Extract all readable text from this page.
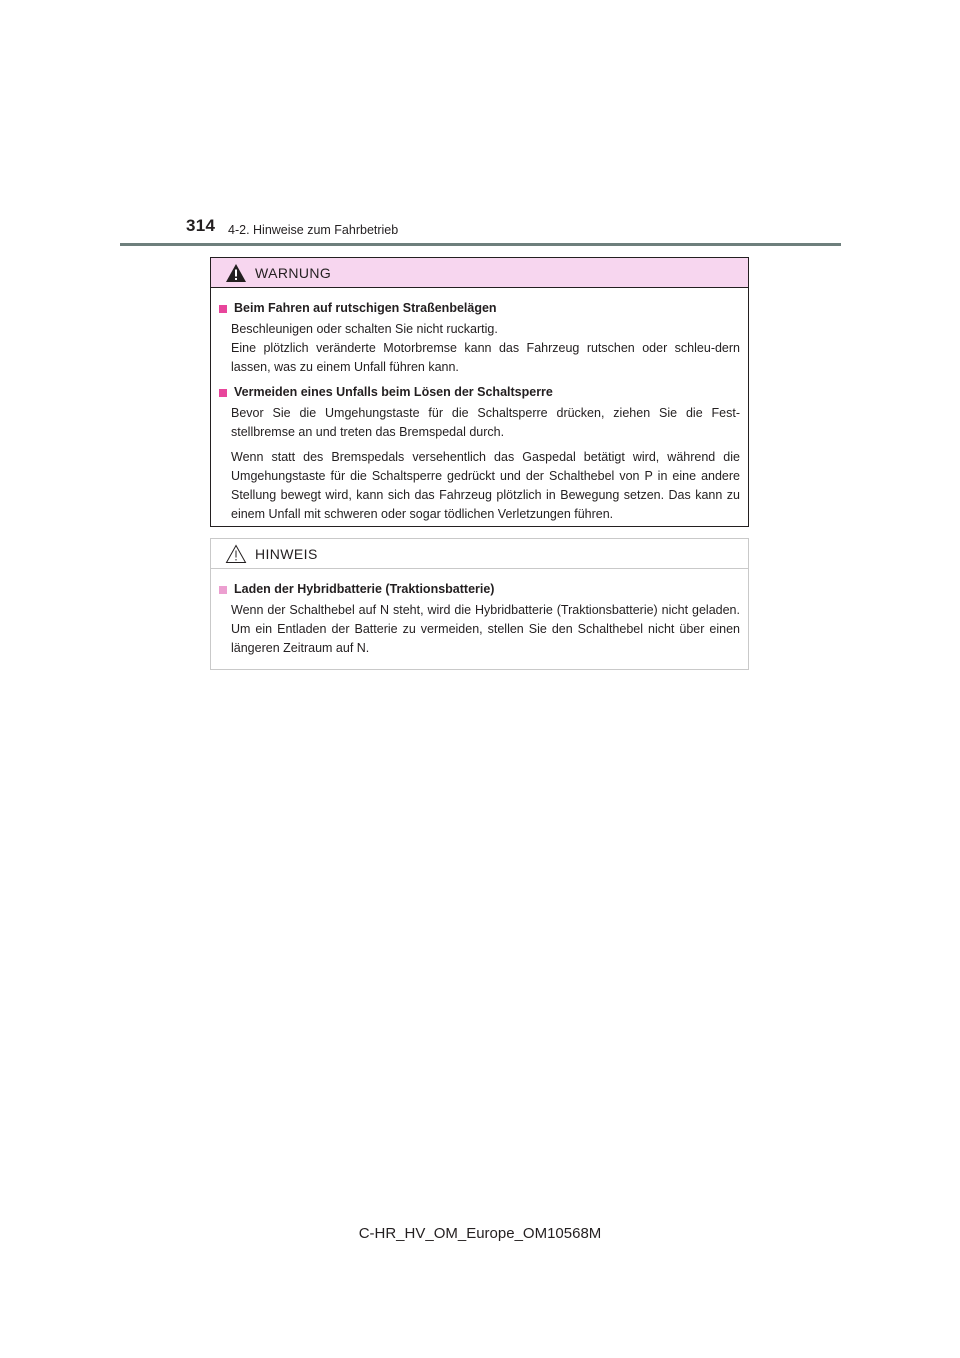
314 4-2. Hinweise zum Fahrbetrieb
WARNUNG
Beim Fahren auf rutschigen Straßenbelägen

Beschleunigen oder schalten Sie nicht ruckartig.
Eine plötzlich veränderte Motorbremse kann das Fahrzeug rutschen oder schleu-dern lassen, was zu einem Unfall führen kann.

Vermeiden eines Unfalls beim Lösen der Schaltsperre

Bevor Sie die Umgehungstaste für die Schaltsperre drücken, ziehen Sie die Fest-stellbremse an und treten das Bremspedal durch.

Wenn statt des Bremspedals versehentlich das Gaspedal betätigt wird, während die Umgehungstaste für die Schaltsperre gedrückt und der Schalthebel von P in eine andere Stellung bewegt wird, kann sich das Fahrzeug plötzlich in Bewegung setzen. Das kann zu einem Unfall mit schweren oder sogar tödlichen Verletzungen führen.

HINWEIS
Laden der Hybridbatterie (Traktionsbatterie)

Wenn der Schalthebel auf N steht, wird die Hybridbatterie (Traktionsbatterie) nicht geladen. Um ein Entladen der Batterie zu vermeiden, stellen Sie den Schalthebel nicht über einen längeren Zeitraum auf N.

C-HR_HV_OM_Europe_OM10568M
